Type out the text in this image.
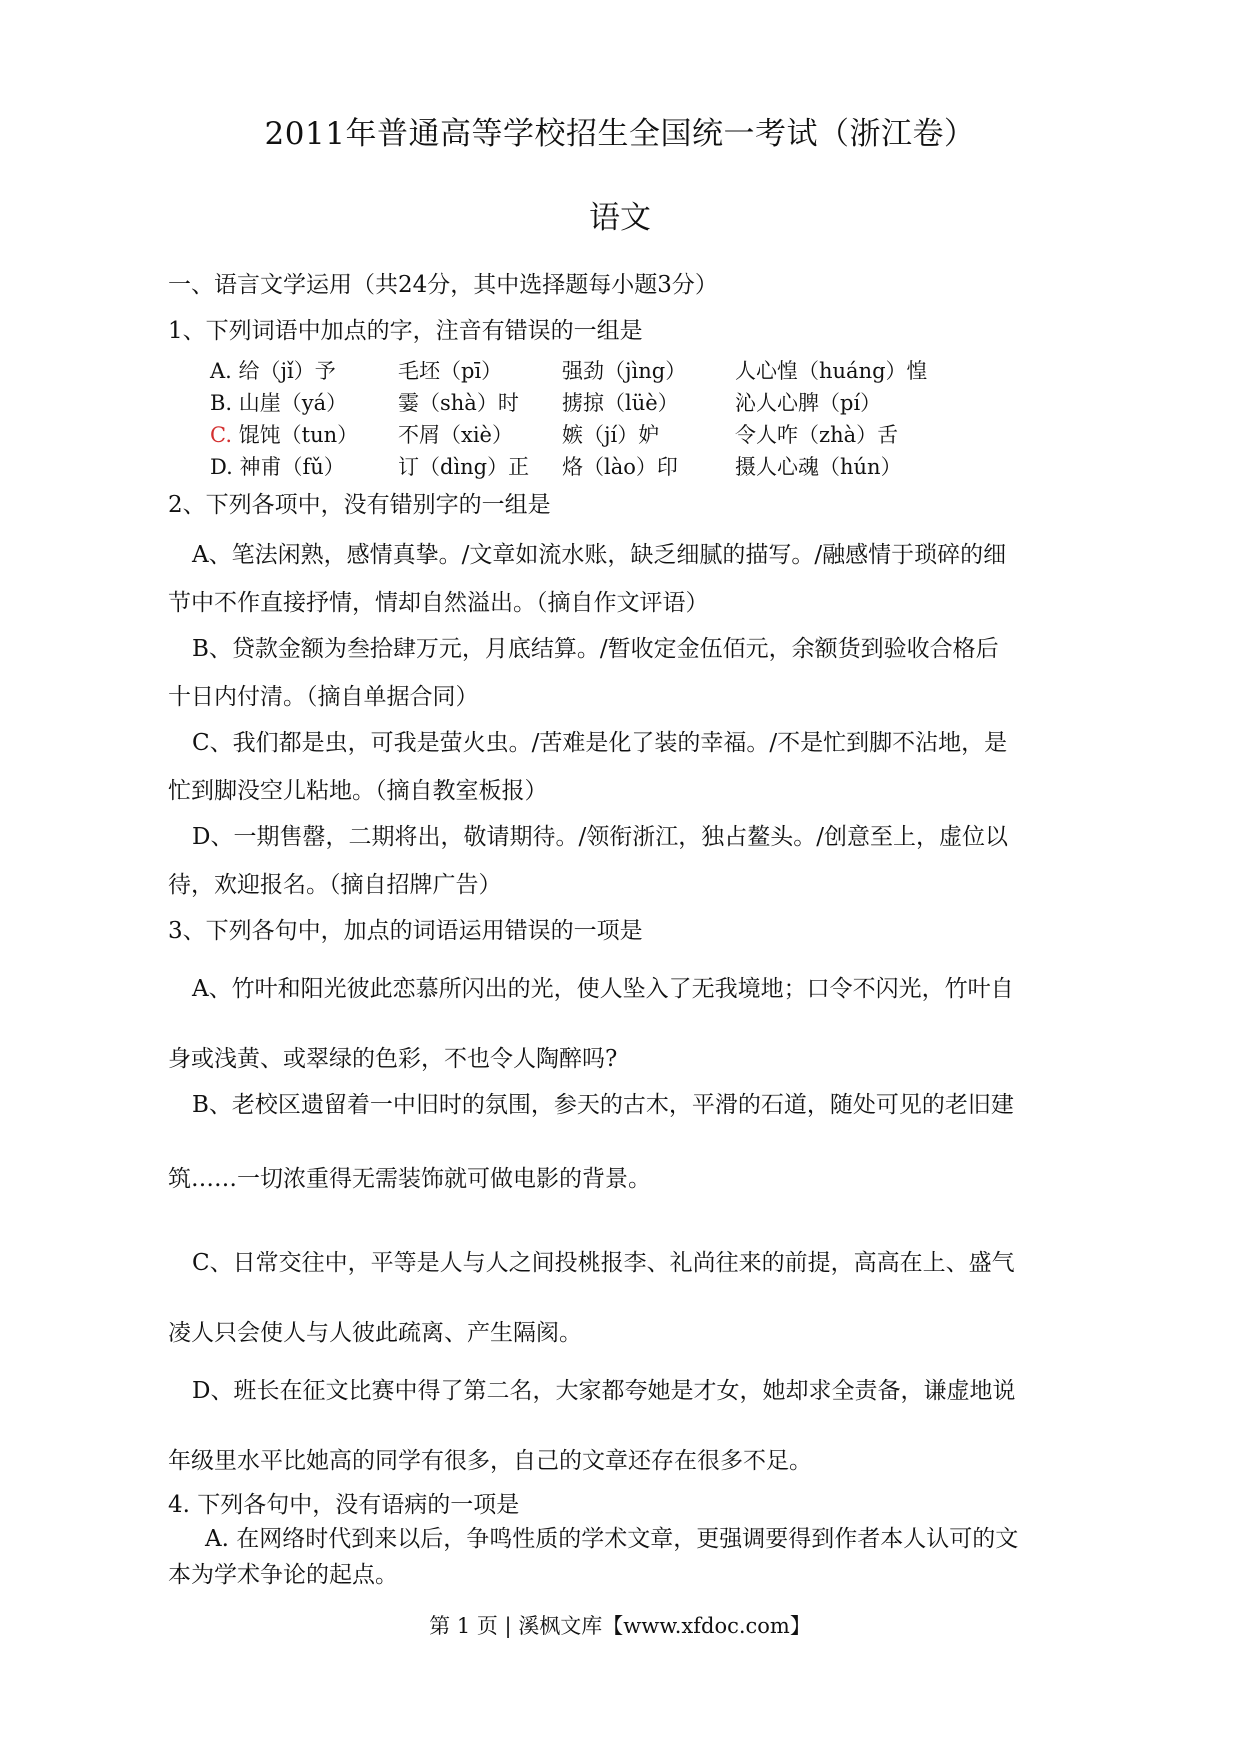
2011年普通高等学校招生全国统一考试（浙江卷）
语文
一、语言文学运用（共24分，其中选择题每小题3分）
1、下列词语中加点的字，注音有错误的一组是
A. 给（jǐ）予	毛坯（pī）	强劲（jìng） 人心惶（huáng）惶
B. 山崖（yá） 霎（shà）时 掳掠（lüè）	沁人心脾（pí）
C. 馄饨（tun） 不屑（xiè） 嫉（jí）妒	令人咋（zhà）舌
D. 神甫（fǔ）	订（dìng）正 烙（lào）印	摄人心魂（hún）
2、下列各项中，没有错别字的一组是
A、笔法闲熟，感情真挚。/文章如流水账，缺乏细腻的描写。/融感情于琐碎的细
节中不作直接抒情，情却自然溢出。（摘自作文评语）
B、贷款金额为叁拾肆万元，月底结算。/暂收定金伍佰元，余额货到验收合格后
十日内付清。（摘自单据合同）
C、我们都是虫，可我是萤火虫。/苦难是化了装的幸福。/不是忙到脚不沾地，是
忙到脚没空儿粘地。（摘自教室板报）
D、一期售罄，二期将出，敬请期待。/领衔浙江，独占鳌头。/创意至上，虚位以
待，欢迎报名。（摘自招牌广告）
3、下列各句中，加点的词语运用错误的一项是
A、竹叶和阳光彼此恋慕所闪出的光，使人坠入了无我境地；口令不闪光，竹叶自
身或浅黄、或翠绿的色彩，不也令人陶醉吗?
B、老校区遗留着一中旧时的氛围，参天的古木，平滑的石道，随处可见的老旧建
筑……一切浓重得无需装饰就可做电影的背景。
C、日常交往中，平等是人与人之间投桃报李、礼尚往来的前提，高高在上、盛气
凌人只会使人与人彼此疏离、产生隔阂。
D、班长在征文比赛中得了第二名，大家都夸她是才女，她却求全责备，谦虚地说
年级里水平比她高的同学有很多，自己的文章还存在很多不足。
4. 下列各句中，没有语病的一项是
A. 在网络时代到来以后，争鸣性质的学术文章，更强调要得到作者本人认可的文
本为学术争论的起点。
第 1 页 | 溪枫文库【www.xfdoc.com】
